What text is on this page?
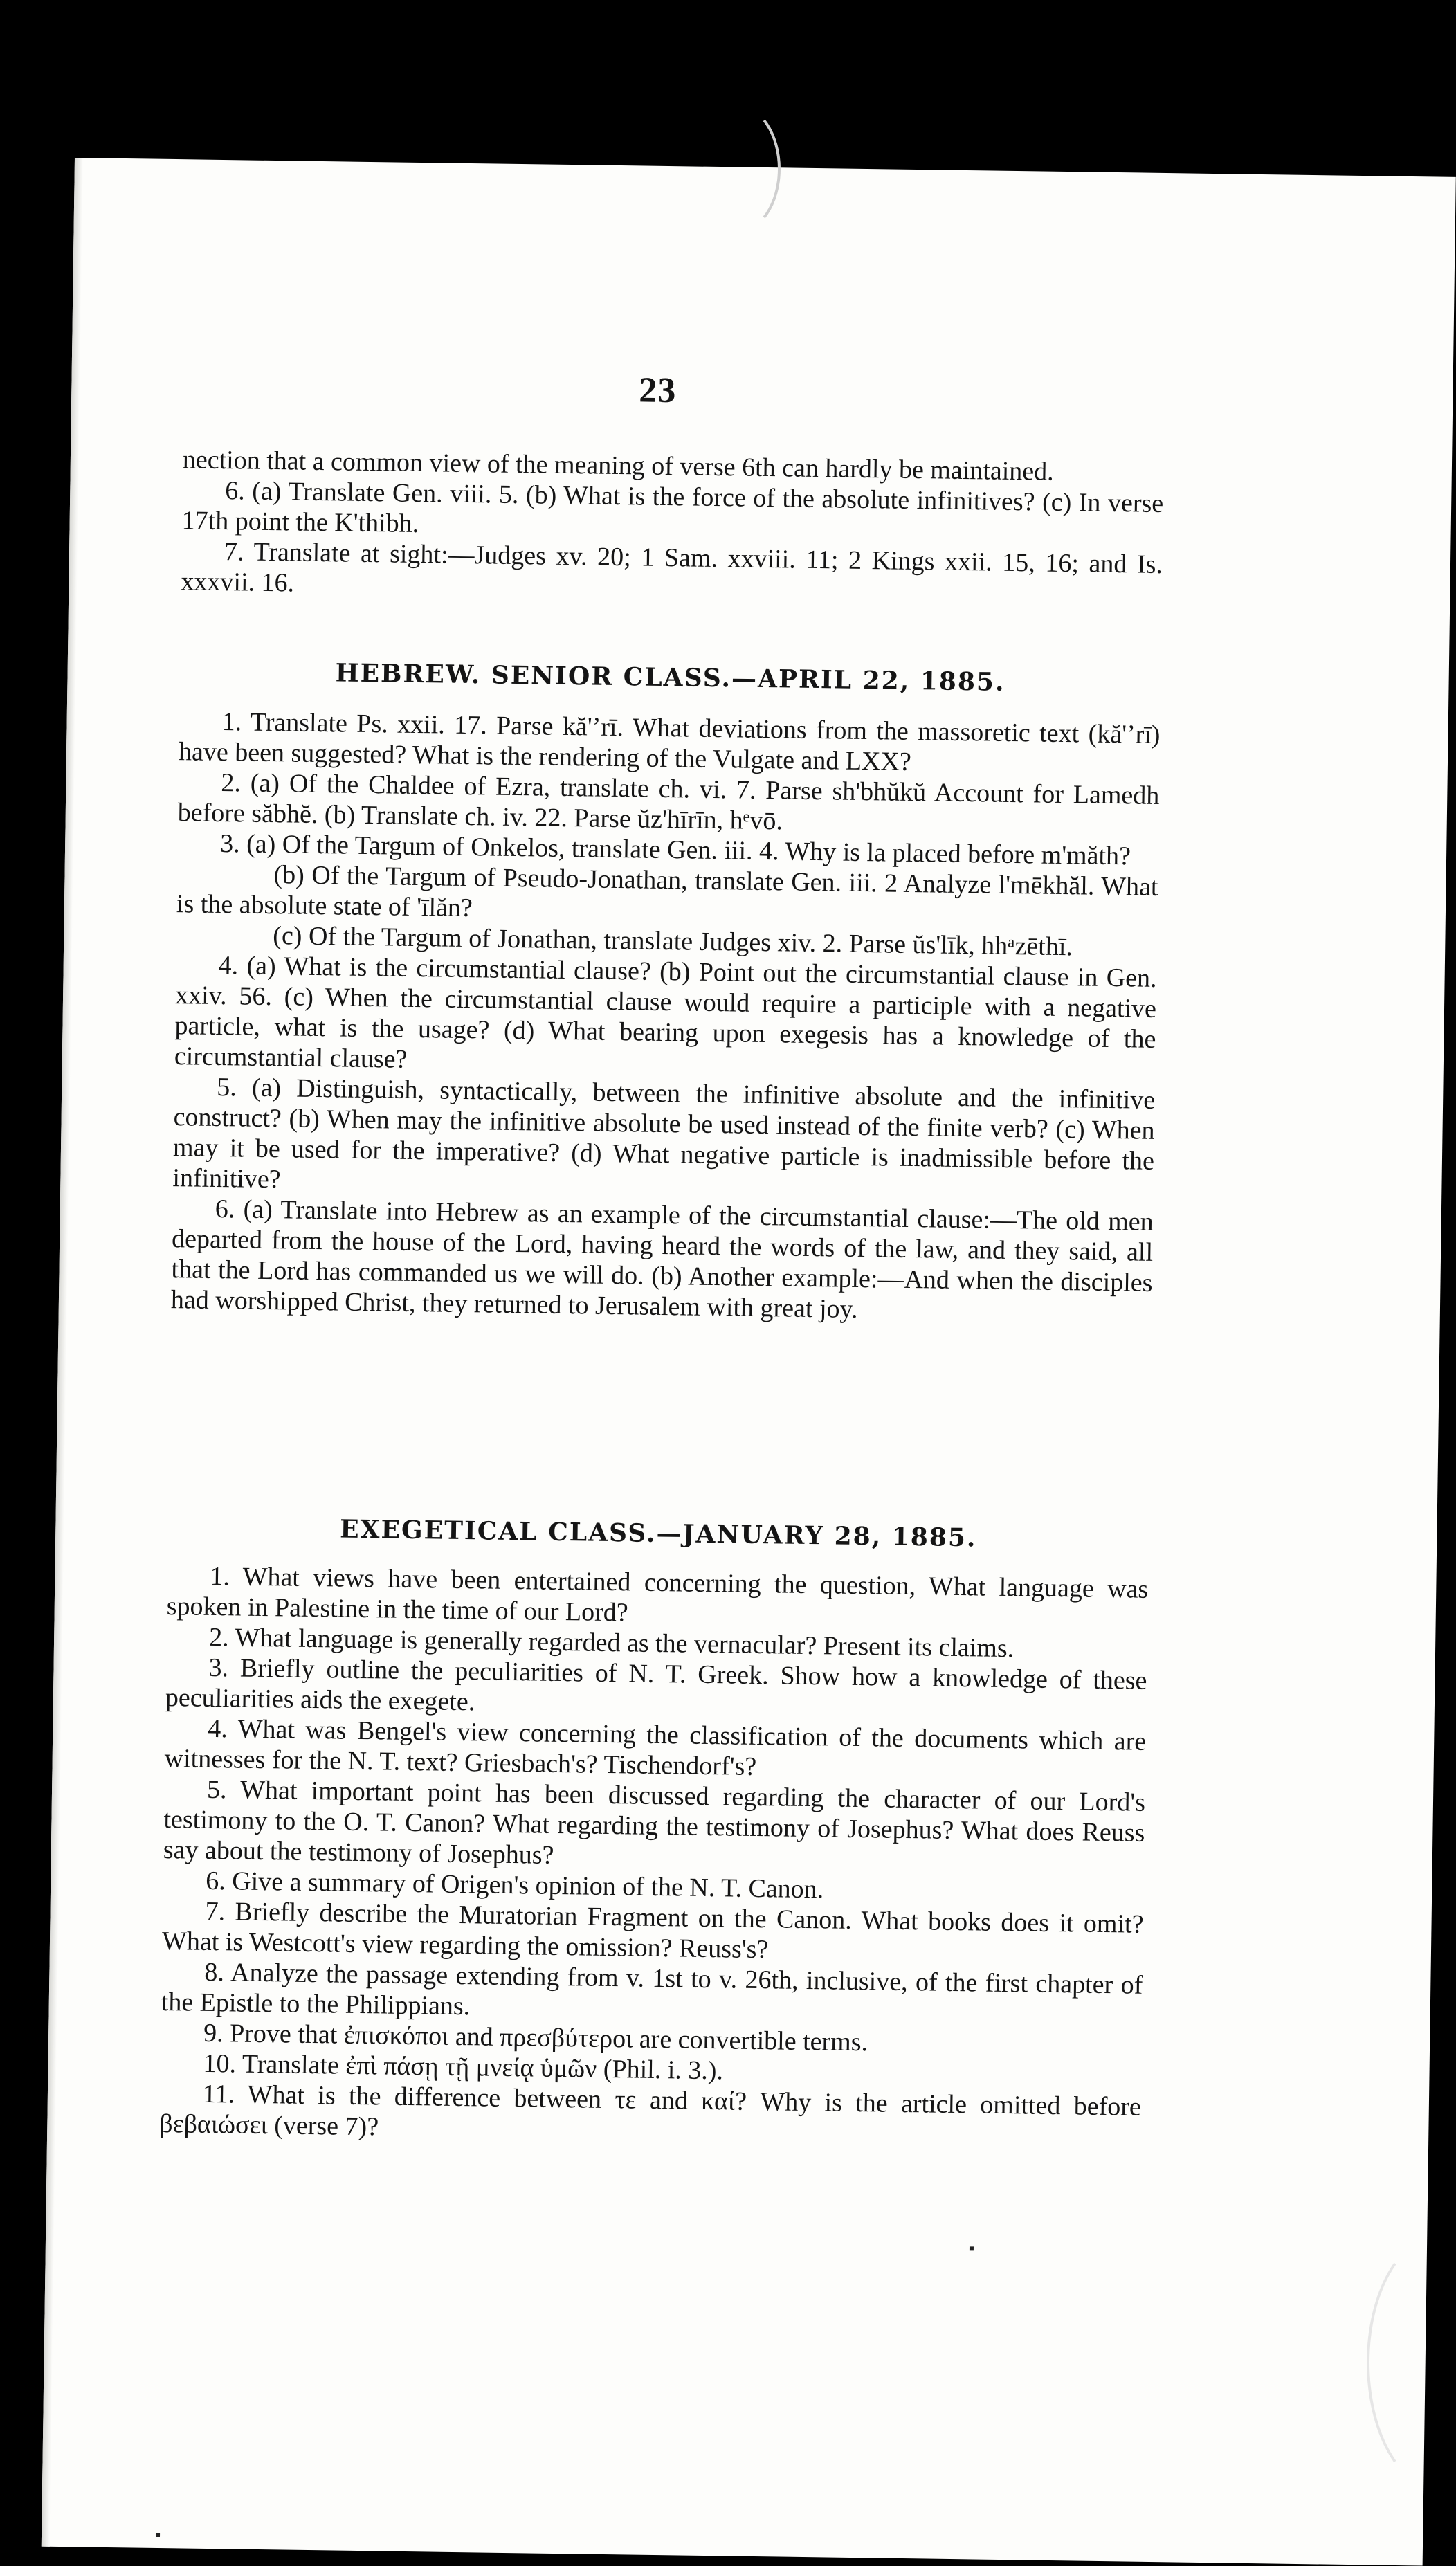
23

nection that a common view of the meaning of verse 6th can hardly be maintained.

6. (a) Translate Gen. viii. 5. (b) What is the force of the absolute infinitives? (c) In verse 17th point the K'thibh.

7. Translate at sight:—Judges xv. 20; 1 Sam. xxviii. 11; 2 Kings xxii. 15, 16; and Is. xxxvii. 16.

HEBREW. SENIOR CLASS.—APRIL 22, 1885.

1. Translate Ps. xxii. 17. Parse kă'ʼrī. What deviations from the massoretic text (kă'ʼrī) have been suggested? What is the rendering of the Vulgate and LXX?

2. (a) Of the Chaldee of Ezra, translate ch. vi. 7. Parse sh'bhŭkŭ Account for Lamedh before săbhĕ. (b) Translate ch. iv. 22. Parse ŭz'hīrīn, hᵉvō.

3. (a) Of the Targum of Onkelos, translate Gen. iii. 4. Why is la placed before m'măth?

(b) Of the Targum of Pseudo-Jonathan, translate Gen. iii. 2 Analyze l'mēkhăl. What is the absolute state of 'īlăn?

(c) Of the Targum of Jonathan, translate Judges xiv. 2. Parse ŭs'līk, hhᵃzēthī.

4. (a) What is the circumstantial clause? (b) Point out the circumstantial clause in Gen. xxiv. 56. (c) When the circumstantial clause would require a participle with a negative particle, what is the usage? (d) What bearing upon exegesis has a knowledge of the circumstantial clause?

5. (a) Distinguish, syntactically, between the infinitive absolute and the infinitive construct? (b) When may the infinitive absolute be used instead of the finite verb? (c) When may it be used for the imperative? (d) What negative particle is inadmissible before the infinitive?

6. (a) Translate into Hebrew as an example of the circumstantial clause:—The old men departed from the house of the Lord, having heard the words of the law, and they said, all that the Lord has commanded us we will do. (b) Another example:—And when the disciples had worshipped Christ, they returned to Jerusalem with great joy.

EXEGETICAL CLASS.—JANUARY 28, 1885.

1. What views have been entertained concerning the question, What language was spoken in Palestine in the time of our Lord?

2. What language is generally regarded as the vernacular? Present its claims.

3. Briefly outline the peculiarities of N. T. Greek. Show how a knowledge of these peculiarities aids the exegete.

4. What was Bengel's view concerning the classification of the documents which are witnesses for the N. T. text? Griesbach's? Tischendorf's?

5. What important point has been discussed regarding the character of our Lord's testimony to the O. T. Canon? What regarding the testimony of Josephus? What does Reuss say about the testimony of Josephus?

6. Give a summary of Origen's opinion of the N. T. Canon.

7. Briefly describe the Muratorian Fragment on the Canon. What books does it omit? What is Westcott's view regarding the omission? Reuss's?

8. Analyze the passage extending from v. 1st to v. 26th, inclusive, of the first chapter of the Epistle to the Philippians.

9. Prove that ἐπισκόποι and πρεσβύτεροι are convertible terms.

10. Translate ἐπὶ πάσῃ τῇ μνείᾳ ὑμῶν (Phil. i. 3.).

11. What is the difference between τε and καί? Why is the article omitted before βεβαιώσει (verse 7)?
